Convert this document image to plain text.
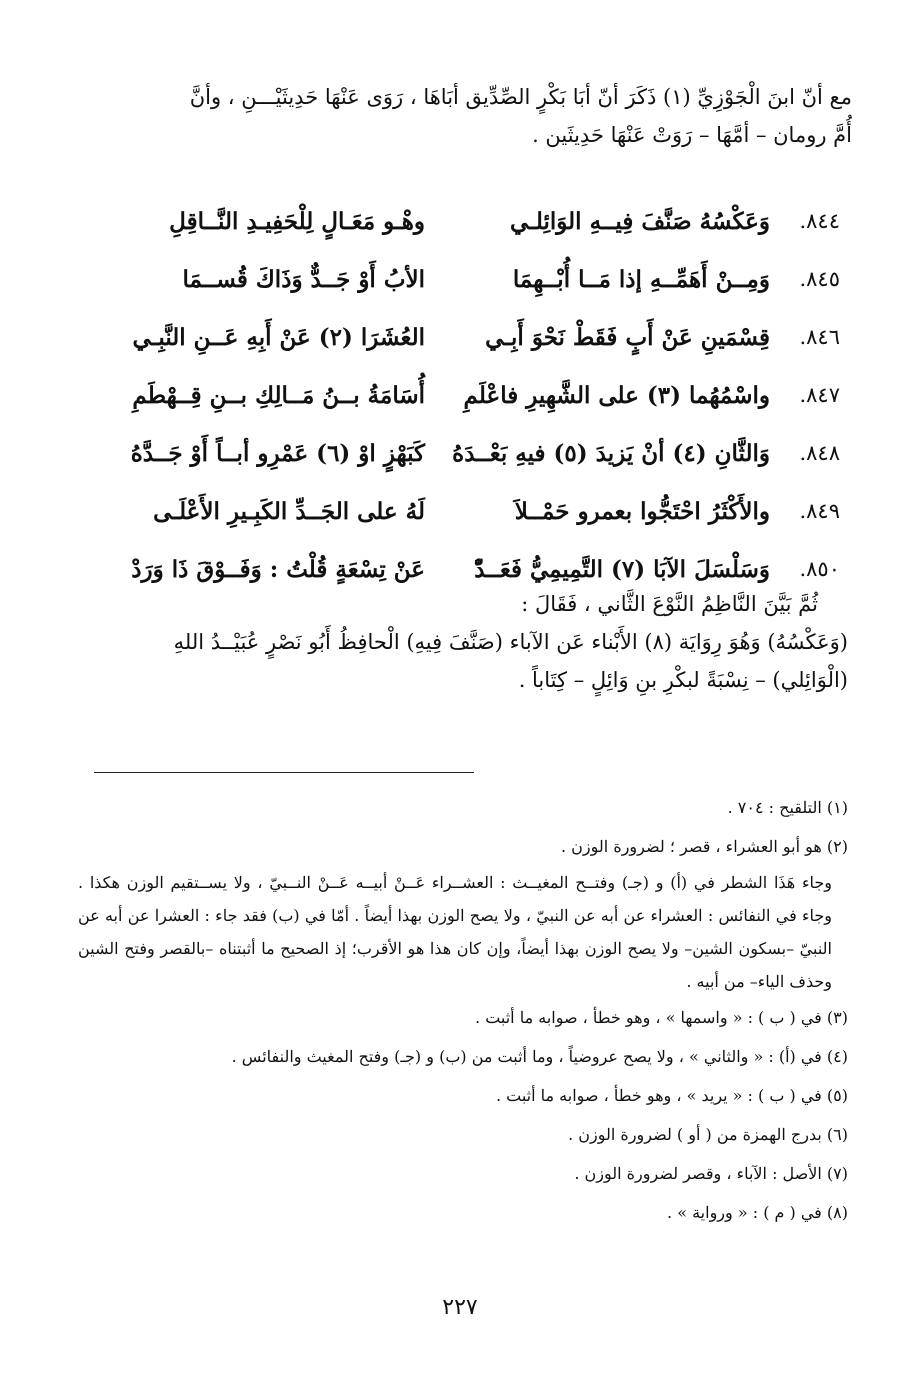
مع أنّ ابنَ الْجَوْزِيِّ (١) ذَكَرَ أنّ أبَا بَكْرٍ الصِّدِّيق أبَاهَا ، رَوَى عَنْهَا حَدِيثَيْـــنِ ، وأنَّ
أُمَّ رومان – أمَّهَا – رَوَتْ عَنْهَا حَدِيثَين .
٨٤٤.
وَعَكْسُهُ صَنَّفَ فِيــهِ الوَائِلـي
وهْـو مَعَـالٍ لِلْحَفِيـدِ النَّــاقِلِ
٨٤٥.
وَمِــنْ أَهَمِّــهِ إذا مَــا أُبْــهِمَا
الأبُ أَوْ جَــدٌّ وَذَاكَ قُســمَا
٨٤٦.
قِسْمَينِ عَنْ أَبٍ فَقَطْ نَحْوَ أَبِـي
العُشَرَا (٢) عَنْ أَبِهِ عَــنِ النَّبِـي
٨٤٧.
واسْمُهُما (٣) على الشَّهِيرِ فاعْلَمِ
أُسَامَةُ بــنُ مَــالِكِ بــنِ قِــهْطَمِ
٨٤٨.
وَالثَّانِ (٤) أنْ يَزيدَ (٥) فيهِ بَعْــدَهُ
كَبَهْزٍ اوْ (٦) عَمْرِو أبــاً أَوْ جَــدَّهُ
٨٤٩.
والأَكْثَرُ احْتَجُّوا بعمرو حَمْــلاَ
لَهُ على الجَــدِّ الكَبِـيرِ الأَعْلَـى
٨٥٠.
وَسَلْسَلَ الآبَا (٧) التَّمِيمِيُّ فَعَــدّْ
عَنْ تِسْعَةٍ قُلْتُ : وَفَــوْقَ ذَا وَرَدْ
ثُمَّ بَيَّنَ النَّاظِمُ النَّوْعَ الثَّاني ، فَقَالَ :
(وَعَكْسُهُ) وَهُوَ رِوَايَة (٨) الأَبْناء عَن الآباء (صَنَّفَ فِيهِ) الْحافِظُ أَبُو نَصْرٍ عُبَيْــدُ اللهِ
(الْوَائِلي) – نِسْبَةً لبكْرِ بنِ وَائِلٍ – كِتَاباً .
(١) التلقيح : ٧٠٤ .
(٢) هو أبو العشراء ، قصر ؛ لضرورة الوزن .
وجاء هَذَا الشطر في (أ) و (جـ) وفتــح المغيــث : العشــراء عَــنْ أبيــه عَــنْ النــبيّ ، ولا يســتقيم الوزن هكذا . وجاء في النفائس : العشراء عن أبه عن النبيّ ، ولا يصح الوزن بهذا أيضاً . أمّا في (ب) فقد جاء : العشرا عن أبه عن النبيّ –بسكون الشين– ولا يصح الوزن بهذا أيضاً، وإن كان هذا هو الأقرب؛ إذ الصحيح ما أثبتناه –بالقصر وفتح الشين وحذف الياء– من أبيه .
(٣) في ( ب ) : « واسمها » ، وهو خطأ ، صوابه ما أثبت .
(٤) في (أ) : « والثاني » ، ولا يصح عروضياً ، وما أثبت من (ب) و (جـ) وفتح المغيث والنفائس .
(٥) في ( ب ) : « يريد » ، وهو خطأ ، صوابه ما أثبت .
(٦) بدرج الهمزة من ( أو ) لضرورة الوزن .
(٧) الأصل : الآباء ، وقصر لضرورة الوزن .
(٨) في ( م ) : « ورواية » .
٢٢٧
